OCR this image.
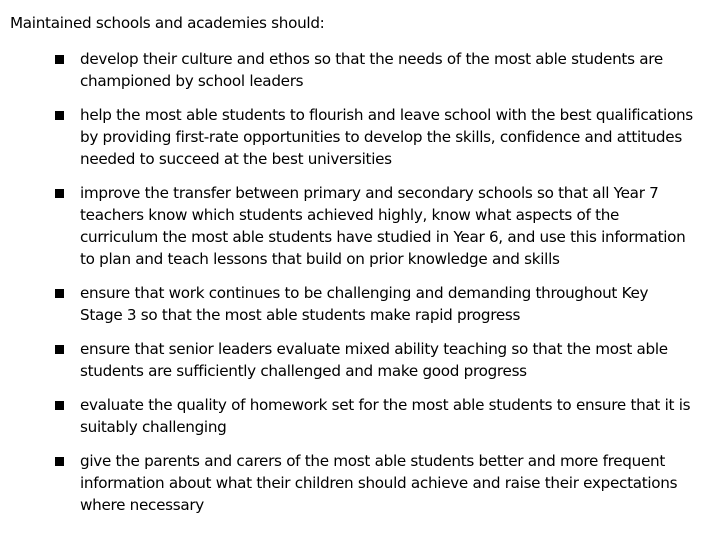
Maintained schools and academies should:

develop their culture and ethos so that the needs of the most able students are championed by school leaders
help the most able students to flourish and leave school with the best qualifications by providing first-rate opportunities to develop the skills, confidence and attitudes needed to succeed at the best universities
improve the transfer between primary and secondary schools so that all Year 7 teachers know which students achieved highly, know what aspects of the curriculum the most able students have studied in Year 6, and use this information to plan and teach lessons that build on prior knowledge and skills
ensure that work continues to be challenging and demanding throughout Key Stage 3 so that the most able students make rapid progress
ensure that senior leaders evaluate mixed ability teaching so that the most able students are sufficiently challenged and make good progress
evaluate the quality of homework set for the most able students to ensure that it is suitably challenging
give the parents and carers of the most able students better and more frequent information about what their children should achieve and raise their expectations where necessary
